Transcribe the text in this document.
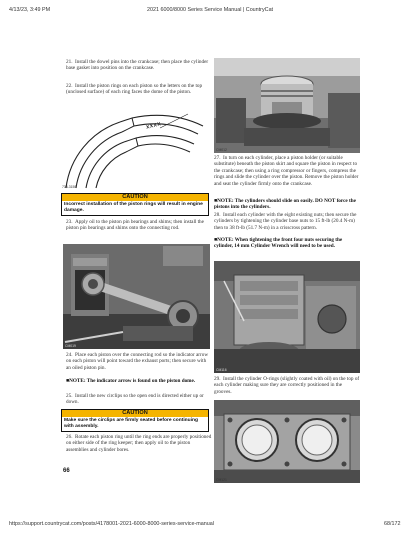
4/13/23, 3:49 PM	2021 6000/8000 Series Service Manual | CountryCat
21. Install the dowel pins into the crankcase; then place the cylinder base gasket into position on the crankcase.
22. Install the piston rings on each piston so the letters on the top (unclosed surface) of each ring faces the dome of the piston.
XXXX
738-315B
CAUTION
Incorrect installation of the piston rings will result in engine damage.
23. Apply oil to the piston pin bearings and shims; then install the piston pin bearings and shims onto the connecting rod.
CM019
24. Place each piston over the connecting rod so the indicator arrow on each piston will point toward the exhaust ports; then secure with an oiled piston pin.
■NOTE: The indicator arrow is found on the piston dome.
25. Install the new circlips so the open end is directed either up or down.
CAUTION
Make sure the circlips are firmly seated before continuing with assembly.
26. Rotate each piston ring until the ring ends are properly positioned on either side of the ring keeper; then apply oil to the piston assemblies and cylinder bores.
66
CM012
27. In turn on each cylinder, place a piston holder (or suitable substitute) beneath the piston skirt and square the piston in respect to the crankcase; then using a ring compressor or fingers, compress the rings and slide the cylinder over the piston. Remove the piston holder and seat the cylinder firmly onto the crankcase.
■NOTE: The cylinders should slide on easily. DO NOT force the pistons into the cylinders.
28. Install each cylinder with the eight existing nuts; then secure the cylinders by tightening the cylinder base nuts to 15 ft-lb (20.4 N-m) then to 38 ft-lb (51.7 N-m) in a crisscross pattern.
■NOTE: When tightening the front four nuts securing the cylinder, 14 mm Cylinder Wrench will need to be used.
CM116
29. Install the cylinder O-rings (slightly coated with oil) on the top of each cylinder making sure they are correctly positioned in the grooves.
CM121
https://support.countrycat.com/posts/4178001-2021-6000-8000-series-service-manual	68/172
